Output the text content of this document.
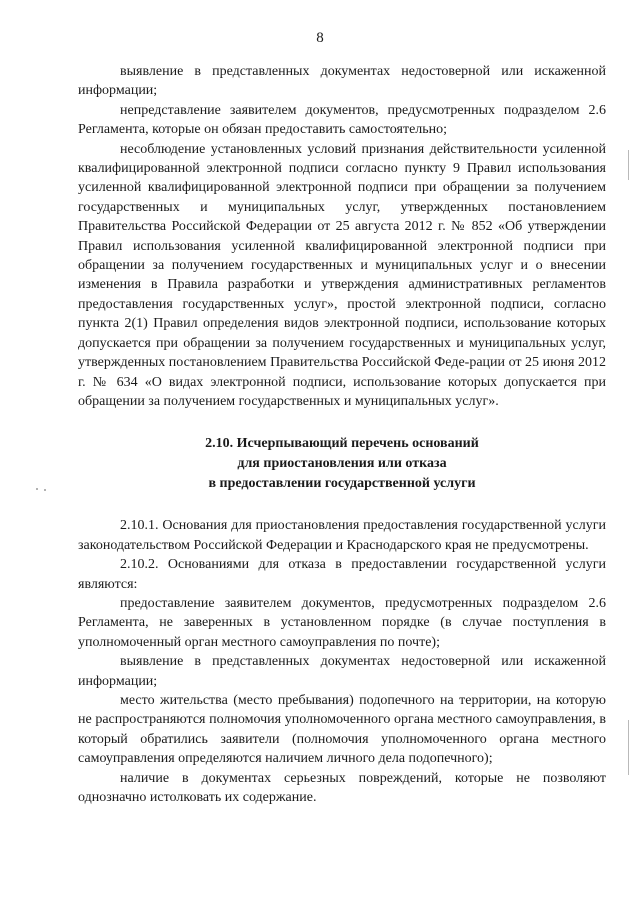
8

выявление в представленных документах недостоверной или искаженной информации;

непредставление заявителем документов, предусмотренных подразделом 2.6 Регламента, которые он обязан предоставить самостоятельно;

несоблюдение установленных условий признания действительности усиленной квалифицированной электронной подписи согласно пункту 9 Правил использования усиленной квалифицированной электронной подписи при обращении за получением государственных и муниципальных услуг, утвержденных постановлением Правительства Российской Федерации от 25 августа 2012 г. № 852 «Об утверждении Правил использования усиленной квалифицированной электронной подписи при обращении за получением государственных и муниципальных услуг и о внесении изменения в Правила разработки и утверждения административных регламентов предоставления государственных услуг», простой электронной подписи, согласно пункта 2(1) Правил определения видов электронной подписи, использование которых допускается при обращении за получением государственных и муниципальных услуг, утвержденных постановлением Правительства Российской Феде-рации от 25 июня 2012 г. № 634 «О видах электронной подписи, использование которых допускается при обращении за получением государственных и муниципальных услуг».

2.10. Исчерпывающий перечень оснований
для приостановления или отказа
в предоставлении государственной услуги

2.10.1. Основания для приостановления предоставления государственной услуги законодательством Российской Федерации и Краснодарского края не предусмотрены.

2.10.2. Основаниями для отказа в предоставлении государственной услуги являются:

предоставление заявителем документов, предусмотренных подразделом 2.6 Регламента, не заверенных в установленном порядке (в случае поступления в уполномоченный орган местного самоуправления по почте);

выявление в представленных документах недостоверной или искаженной информации;

место жительства (место пребывания) подопечного на территории, на которую не распространяются полномочия уполномоченного органа местного самоуправления, в который обратились заявители (полномочия уполномоченного органа местного самоуправления определяются наличием личного дела подопечного);

наличие в документах серьезных повреждений, которые не позволяют однозначно истолковать их содержание.
